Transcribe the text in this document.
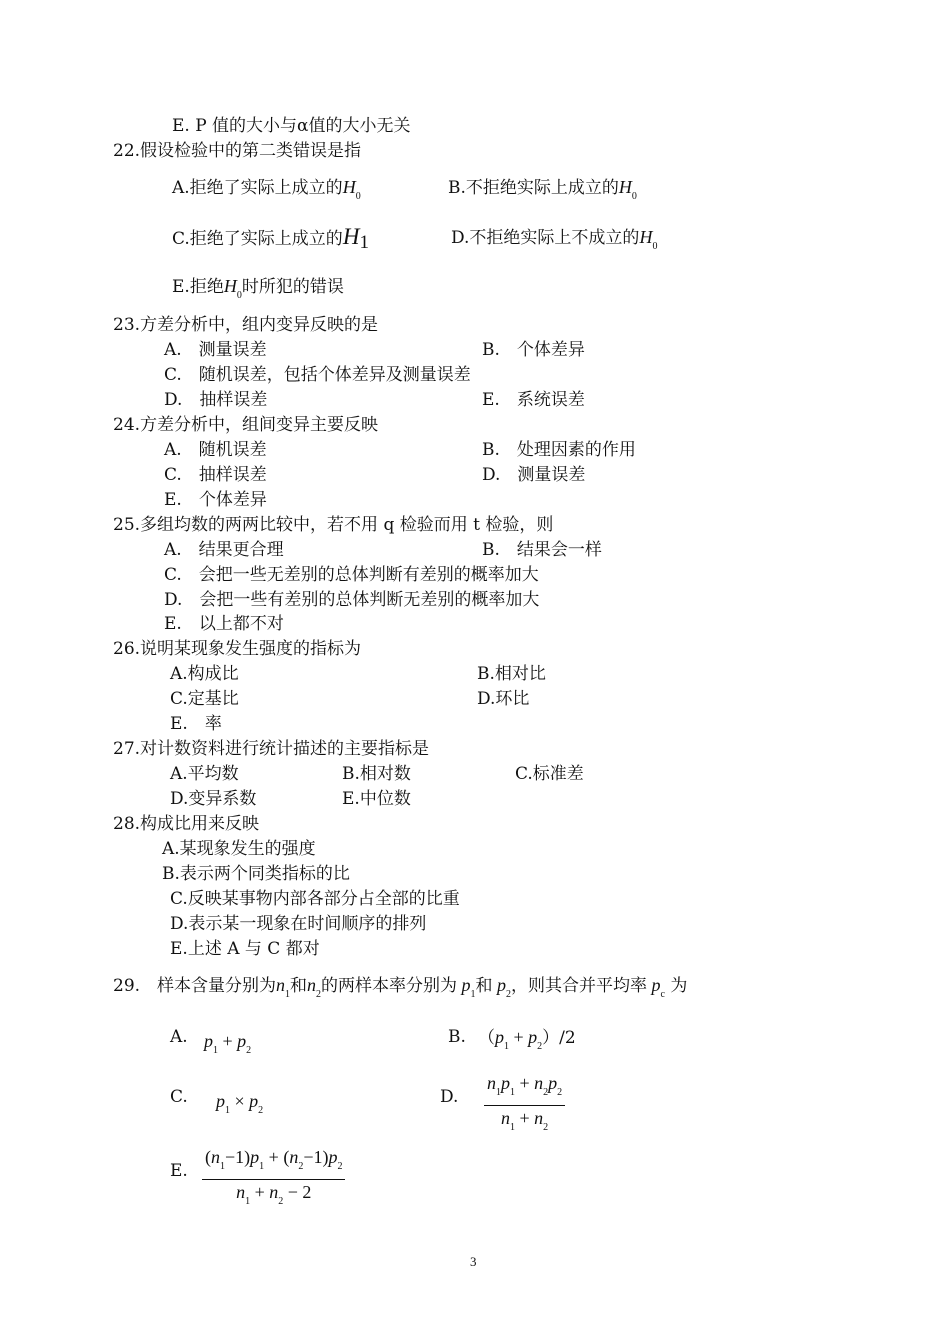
E. P 值的大小与α值的大小无关
22.假设检验中的第二类错误是指
A.拒绝了实际上成立的$H_0$	B.不拒绝实际上成立的$H_0$
C.拒绝了实际上成立的H1	D.不拒绝实际上不成立的$H_0$
E.拒绝$H_0$时所犯的错误
23.方差分析中，组内变异反映的是
A.　测量误差	B.　个体差异
C.　随机误差，包括个体差异及测量误差
D.　抽样误差	E.　系统误差
24.方差分析中，组间变异主要反映
A.　随机误差	B.　处理因素的作用
C.　抽样误差	D.　测量误差
E.　个体差异
25.多组均数的两两比较中，若不用 q 检验而用 t 检验，则
A.　结果更合理	B.　结果会一样
C.　会把一些无差别的总体判断有差别的概率加大
D.　会把一些有差别的总体判断无差别的概率加大
E.　以上都不对
26.说明某现象发生强度的指标为
A.构成比	B.相对比
C.定基比	D.环比
E.　率
27.对计数资料进行统计描述的主要指标是
A.平均数	B.相对数	C.标准差
D.变异系数	E.中位数
28.构成比用来反映
A.某现象发生的强度
B.表示两个同类指标的比
C.反映某事物内部各部分占全部的比重
D.表示某一现象在时间顺序的排列
E.上述 A 与 C 都对
29.　样本含量分别为$n_1$和$n_2$的两样本率分别为 $p_1$和 $p_2$，则其合并平均率 $p_c$ 为
A. $p_1 + p_2$
B. $(p_1 + p_2)/2$
C. $p_1 \times p_2$
D. $\frac{n_1p_1 + n_2p_2}{n_1 + n_2}$
E. $\frac{(n_1-1)p_1 + (n_2-1)p_2}{n_1 + n_2 - 2}$
3
